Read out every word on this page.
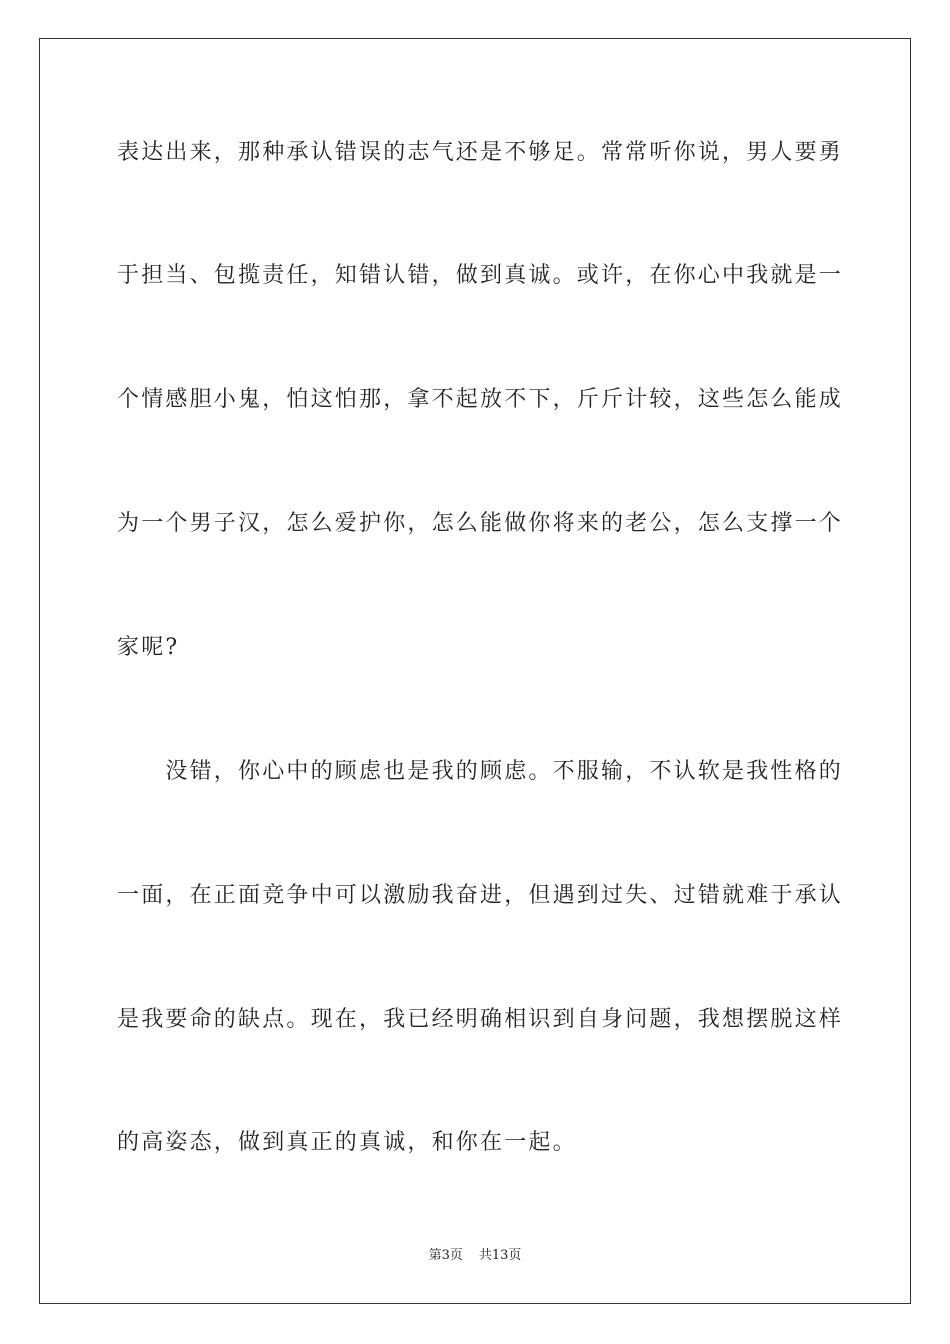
表达出来，那种承认错误的志气还是不够足。常常听你说，男人要勇
于担当、包揽责任，知错认错，做到真诚。或许，在你心中我就是一
个情感胆小鬼，怕这怕那，拿不起放不下，斤斤计较，这些怎么能成
为一个男子汉，怎么爱护你，怎么能做你将来的老公，怎么支撑一个
家呢?
　　没错，你心中的顾虑也是我的顾虑。不服输，不认软是我性格的
一面，在正面竞争中可以激励我奋进，但遇到过失、过错就难于承认
是我要命的缺点。现在，我已经明确相识到自身问题，我想摆脱这样
的高姿态，做到真正的真诚，和你在一起。
第3页 共13页
